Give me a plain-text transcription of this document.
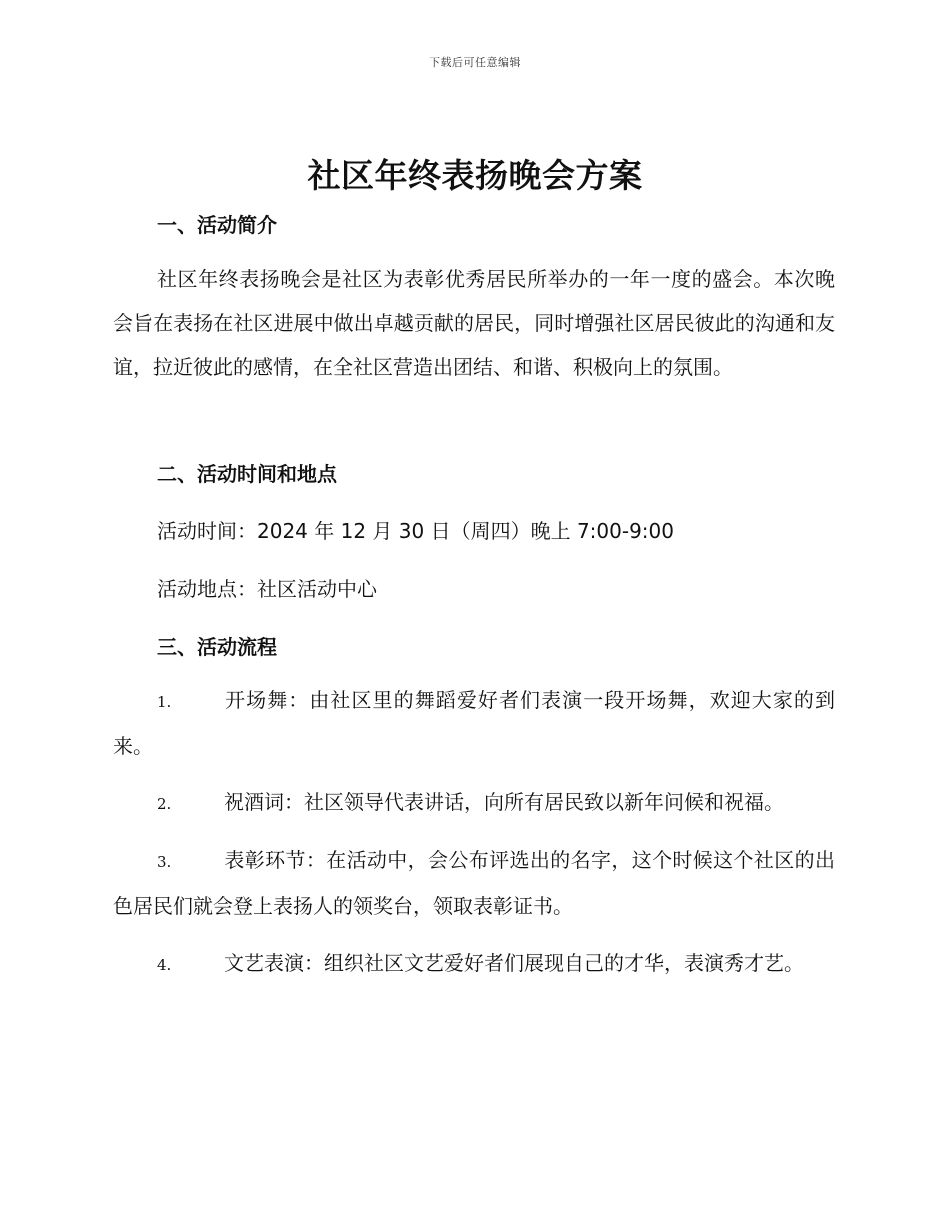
下载后可任意编辑
社区年终表扬晚会方案
一、活动简介

社区年终表扬晚会是社区为表彰优秀居民所举办的一年一度的盛会。本次晚会旨在表扬在社区进展中做出卓越贡献的居民，同时增强社区居民彼此的沟通和友谊，拉近彼此的感情，在全社区营造出团结、和谐、积极向上的氛围。

二、活动时间和地点

活动时间：2024 年 12 月 30 日（周四）晚上 7:00-9:00

活动地点：社区活动中心

三、活动流程

1.	开场舞：由社区里的舞蹈爱好者们表演一段开场舞，欢迎大家的到来。

2.	祝酒词：社区领导代表讲话，向所有居民致以新年问候和祝福。

3.	表彰环节：在活动中，会公布评选出的名字，这个时候这个社区的出色居民们就会登上表扬人的领奖台，领取表彰证书。

4.	文艺表演：组织社区文艺爱好者们展现自己的才华，表演秀才艺。
